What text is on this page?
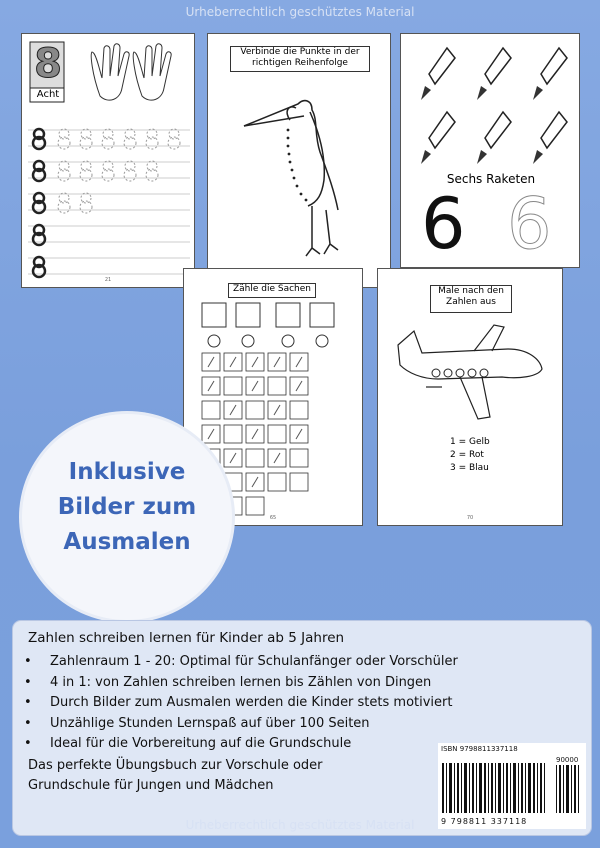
Urheberrechtlich geschütztes Material
8
Acht
21
Verbinde die Punkte in der richtigen Reihenfolge
Sechs Raketen
6 6
Zähle die Sachen
65
Male nach den Zahlen aus
1 = Gelb
2 = Rot
3 = Blau
70
Inklusive
Bilder zum
Ausmalen
Zahlen schreiben lernen für Kinder ab 5 Jahren
• Zahlenraum 1 - 20: Optimal für Schulanfänger oder Vorschüler
• 4 in 1: von Zahlen schreiben lernen bis Zählen von Dingen
• Durch Bilder zum Ausmalen werden die Kinder stets motiviert
• Unzählige Stunden Lernspaß auf über 100 Seiten
• Ideal für die Vorbereitung auf die Grundschule
Das perfekte Übungsbuch zur Vorschule oder
Grundschule für Jungen und Mädchen
ISBN 9798811337118
90000
9 798811 337118
Urheberrechtlich geschütztes Material
